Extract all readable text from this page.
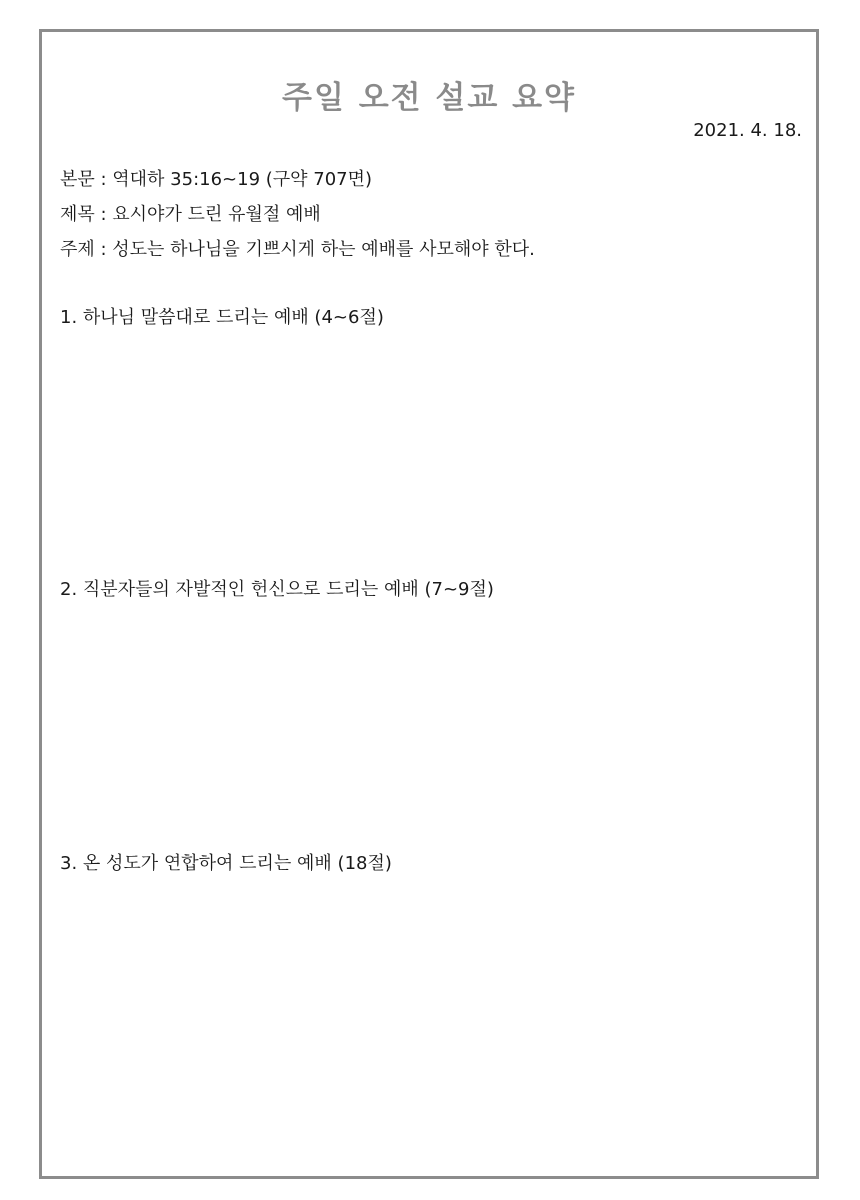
주일 오전 설교 요약
2021. 4. 18.
본문 : 역대하 35:16~19 (구약 707면)
제목 : 요시야가 드린 유월절 예배
주제 : 성도는 하나님을 기쁘시게 하는 예배를 사모해야 한다.
1. 하나님 말씀대로 드리는 예배 (4~6절)
2. 직분자들의 자발적인 헌신으로 드리는 예배 (7~9절)
3. 온 성도가 연합하여 드리는 예배 (18절)
